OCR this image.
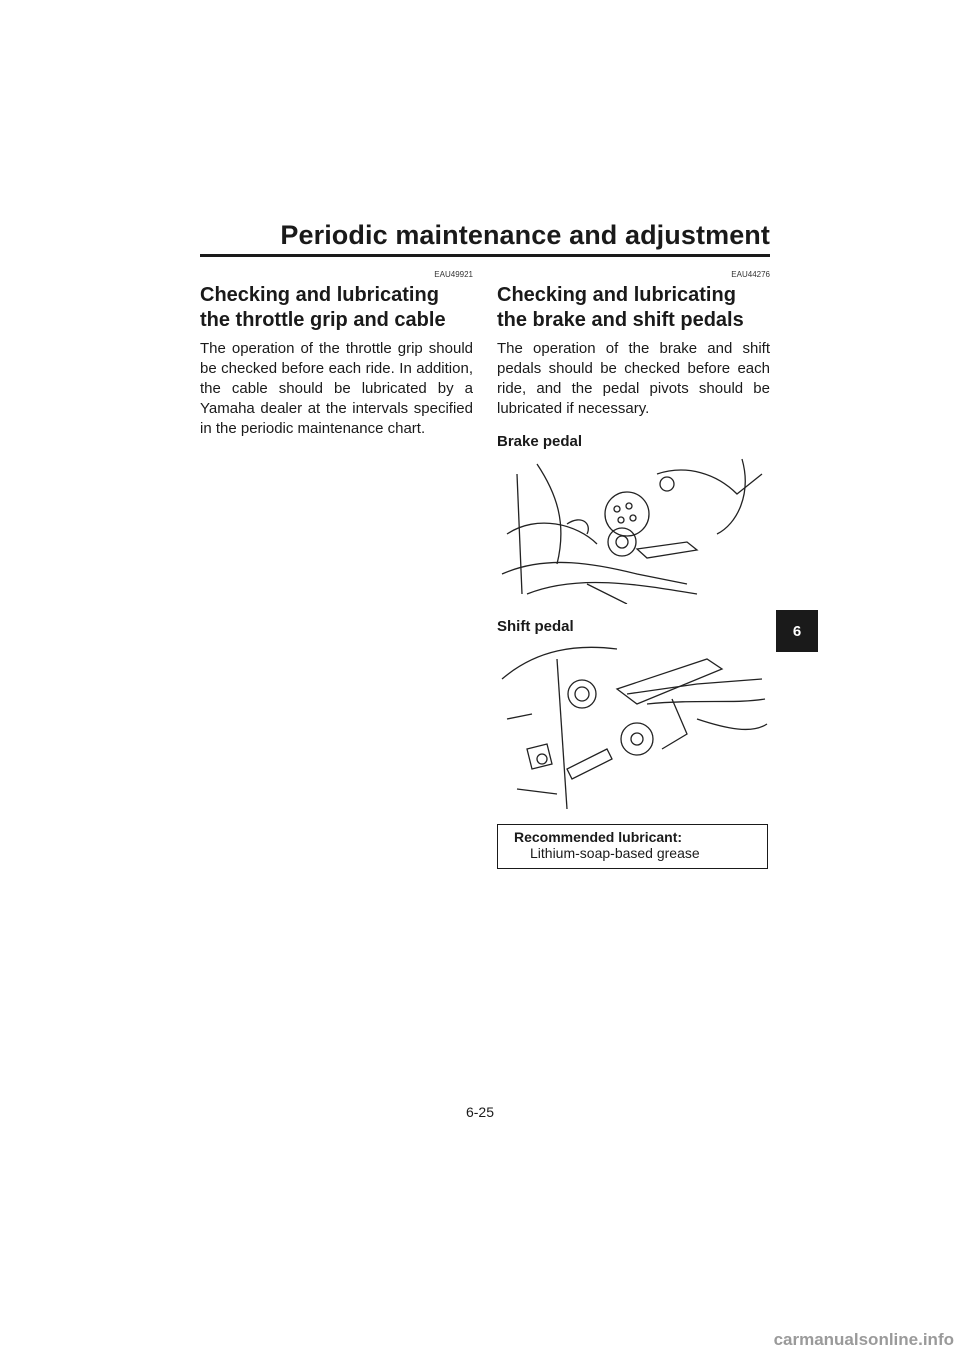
Periodic maintenance and adjustment
EAU49921
Checking and lubricating the throttle grip and cable
The operation of the throttle grip should be checked before each ride. In addition, the cable should be lubricated by a Yamaha dealer at the intervals specified in the periodic maintenance chart.
EAU44276
Checking and lubricating the brake and shift pedals
The operation of the brake and shift pedals should be checked before each ride, and the pedal pivots should be lubricated if necessary.
Brake pedal
Shift pedal
Recommended lubricant:
Lithium-soap-based grease
6
6-25
carmanualsonline.info
